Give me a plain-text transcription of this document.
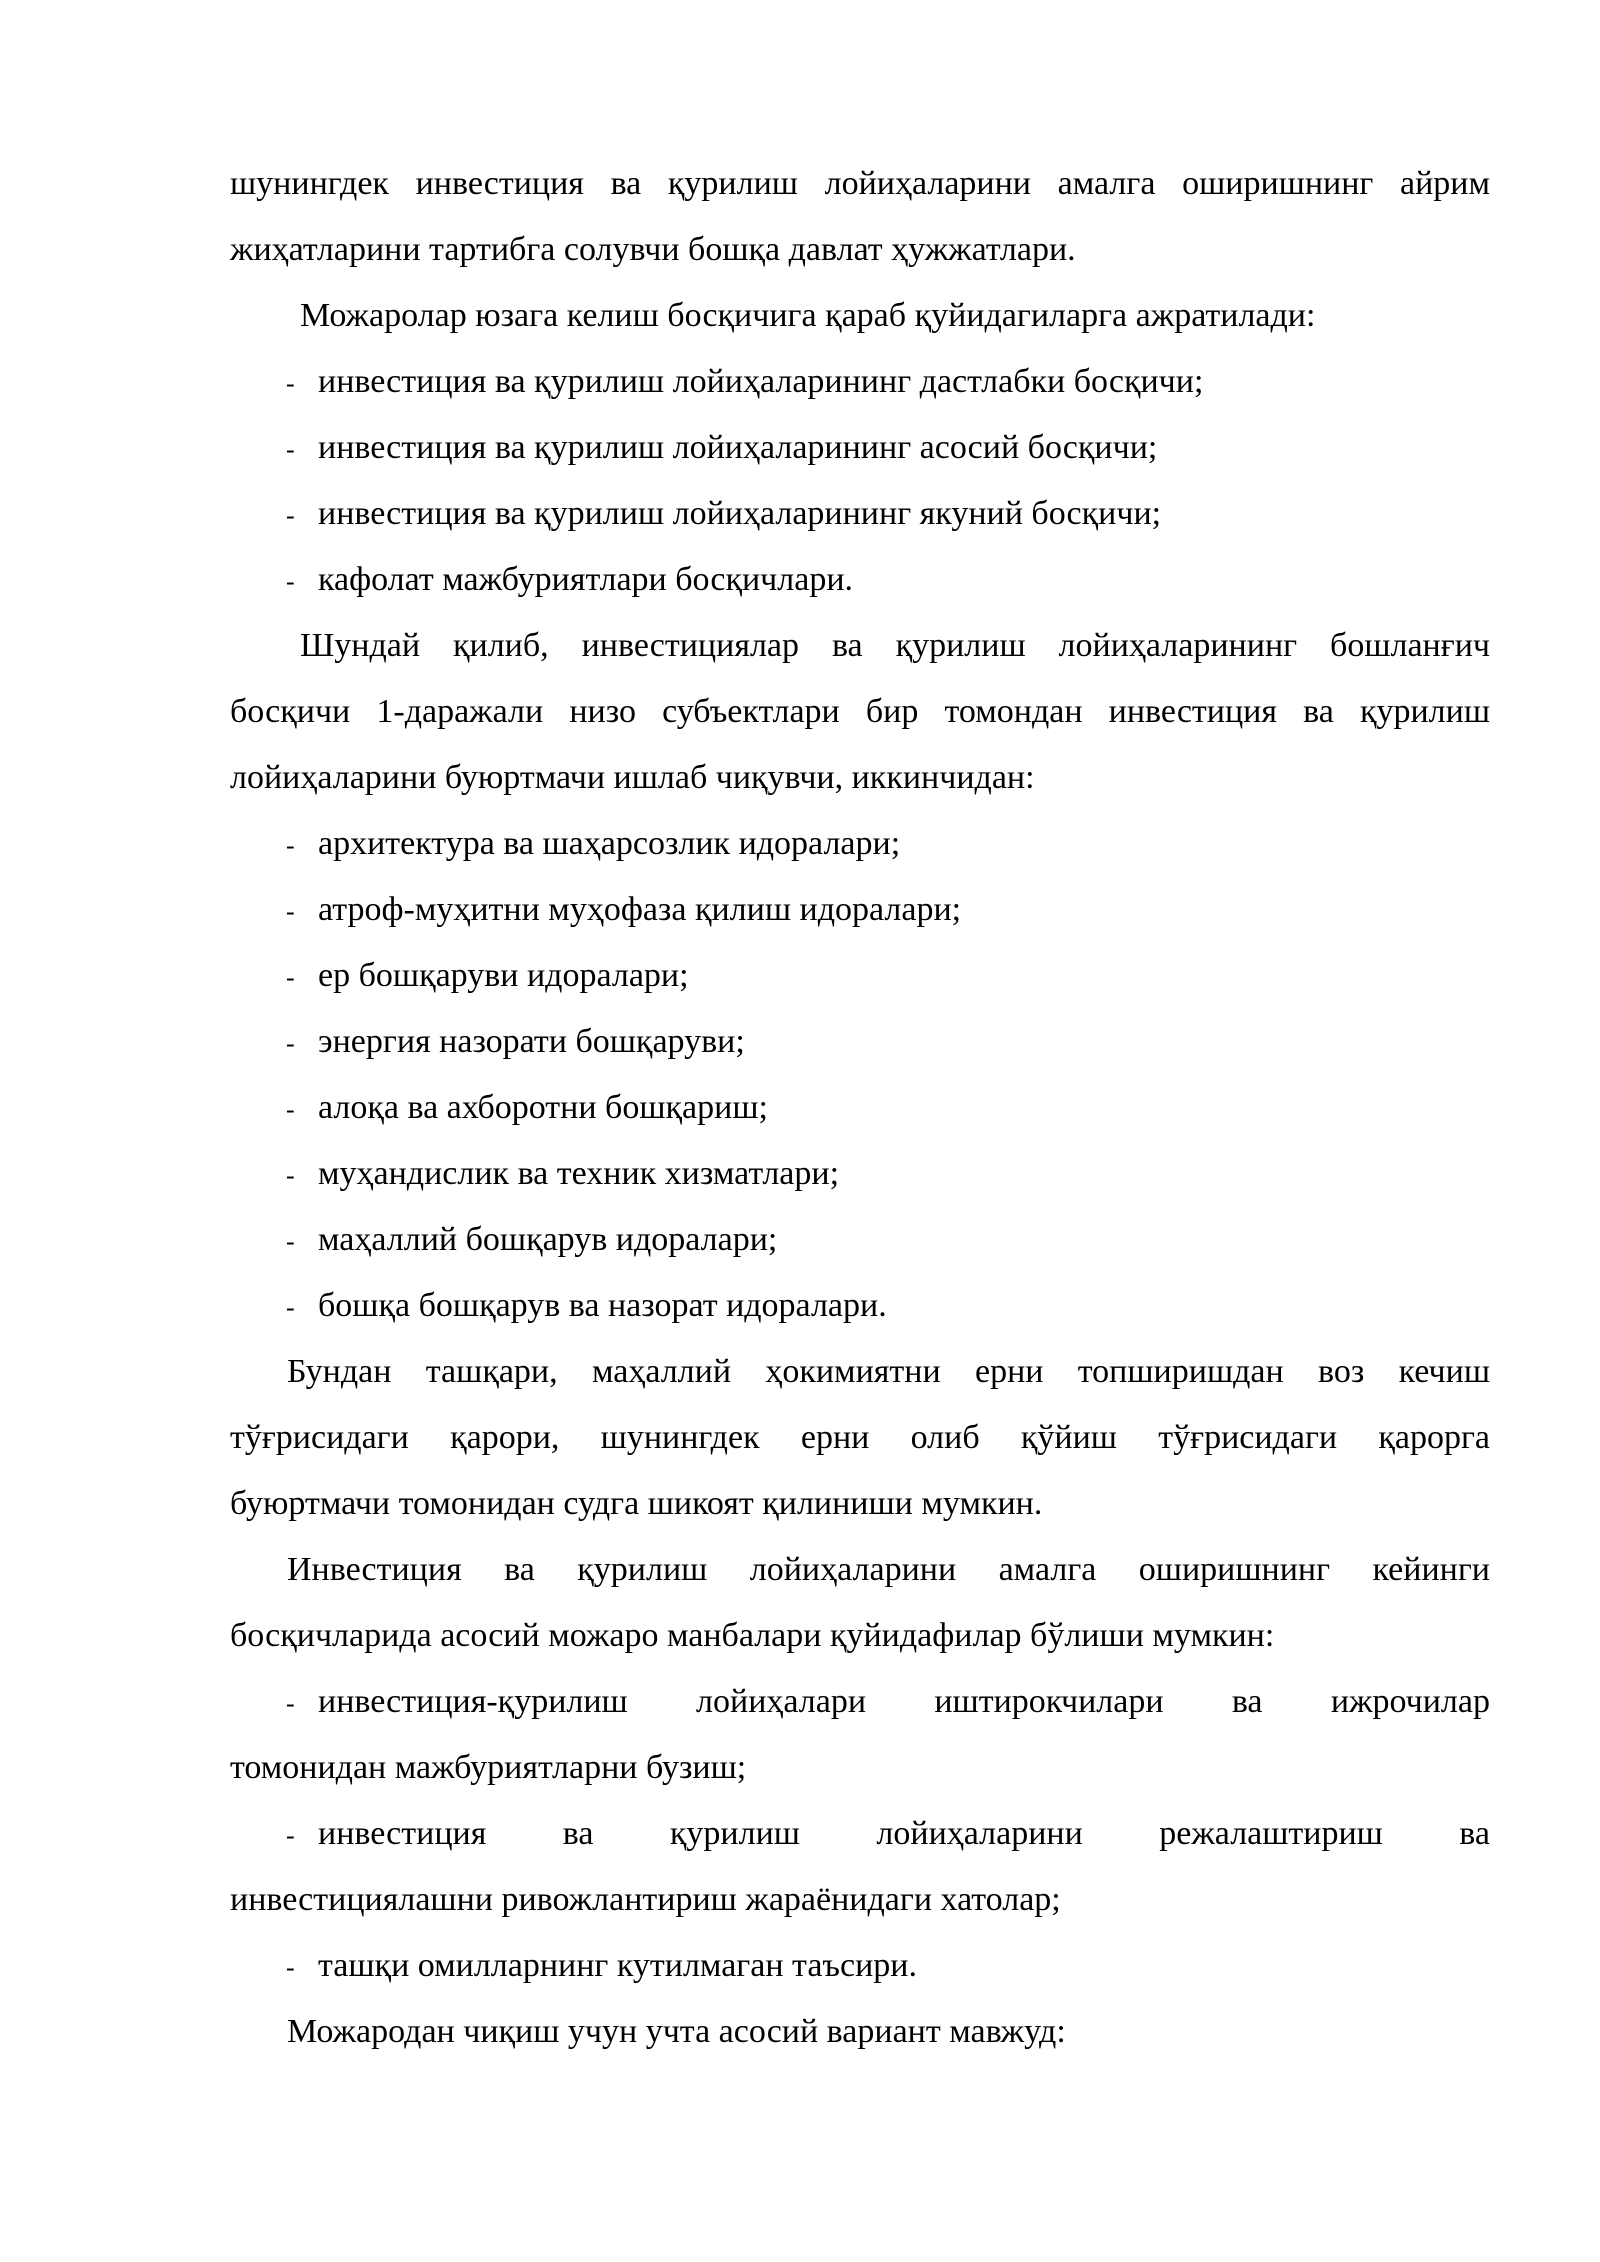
шунингдек инвестиция ва қурилиш лойиҳаларини амалга оширишнинг айрим
жиҳатларини тартибга солувчи бошқа давлат ҳужжатлари.
Можаролар юзага келиш босқичига қараб қуйидагиларга ажратилади:
- инвестиция ва қурилиш лойиҳаларининг дастлабки босқичи;
- инвестиция ва қурилиш лойиҳаларининг асосий босқичи;
- инвестиция ва қурилиш лойиҳаларининг якуний босқичи;
- кафолат мажбуриятлари босқичлари.
Шундай қилиб, инвестициялар ва қурилиш лойиҳаларининг бошланғич
босқичи 1-даражали низо субъектлари бир томондан инвестиция ва қурилиш
лойиҳаларини буюртмачи ишлаб чиқувчи, иккинчидан:
- архитектура ва шаҳарсозлик идоралари;
- атроф-муҳитни муҳофаза қилиш идоралари;
- ер бошқаруви идоралари;
- энергия назорати бошқаруви;
- алоқа ва ахборотни бошқариш;
- муҳандислик ва техник хизматлари;
- маҳаллий бошқарув идоралари;
- бошқа бошқарув ва назорат идоралари.
Бундан ташқари, маҳаллий ҳокимиятни ерни топширишдан воз кечиш
тўғрисидаги қарори, шунингдек ерни олиб қўйиш тўғрисидаги қарорга
буюртмачи томонидан судга шикоят қилиниши мумкин.
Инвестиция ва қурилиш лойиҳаларини амалга оширишнинг кейинги
босқичларида асосий можаро манбалари қуйидафилар бўлиши мумкин:
- инвестиция-қурилиш лойиҳалари иштирокчилари ва ижрочилар
томонидан мажбуриятларни бузиш;
- инвестиция ва қурилиш лойиҳаларини режалаштириш ва
инвестициялашни ривожлантириш жараёнидаги хатолар;
- ташқи омилларнинг кутилмаган таъсири.
Можародан чиқиш учун учта асосий вариант мавжуд:
